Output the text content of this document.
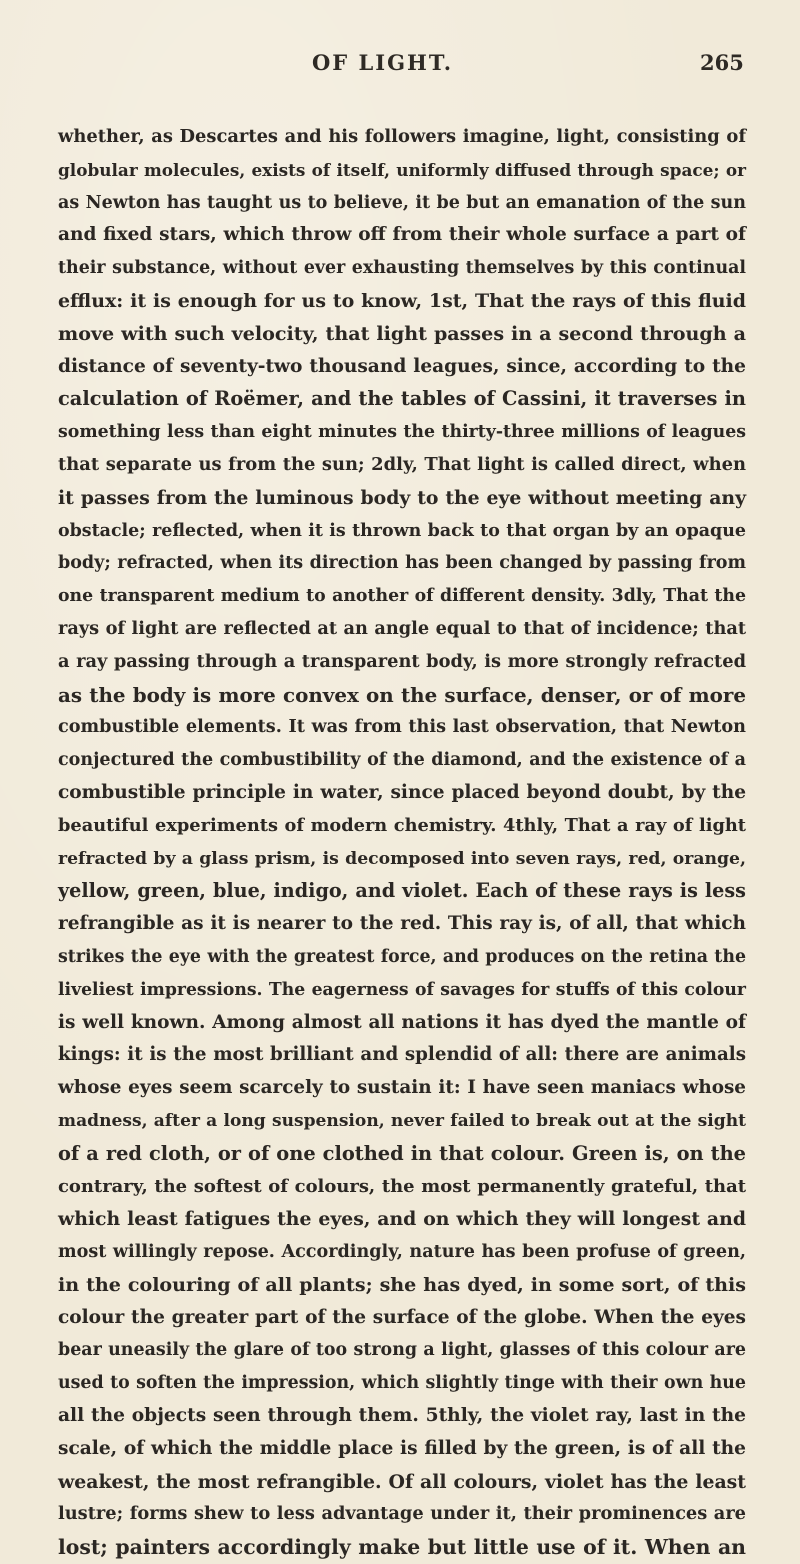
OF LIGHT.	265
whether, as Descartes and his followers imagine, light, consisting of
globular molecules, exists of itself, uniformly diffused through space; or
as Newton has taught us to believe, it be but an emanation of the sun
and fixed stars, which throw off from their whole surface a part of
their substance, without ever exhausting themselves by this continual
efflux: it is enough for us to know, 1st, That the rays of this fluid
move with such velocity, that light passes in a second through a
distance of seventy-two thousand leagues, since, according to the
calculation of Roëmer, and the tables of Cassini, it traverses in
something less than eight minutes the thirty-three millions of leagues
that separate us from the sun; 2dly, That light is called direct, when
it passes from the luminous body to the eye without meeting any
obstacle; reflected, when it is thrown back to that organ by an opaque
body; refracted, when its direction has been changed by passing from
one transparent medium to another of different density. 3dly, That the
rays of light are reflected at an angle equal to that of incidence; that
a ray passing through a transparent body, is more strongly refracted
as the body is more convex on the surface, denser, or of more
combustible elements. It was from this last observation, that Newton
conjectured the combustibility of the diamond, and the existence of a
combustible principle in water, since placed beyond doubt, by the
beautiful experiments of modern chemistry. 4thly, That a ray of light
refracted by a glass prism, is decomposed into seven rays, red, orange,
yellow, green, blue, indigo, and violet. Each of these rays is less
refrangible as it is nearer to the red. This ray is, of all, that which
strikes the eye with the greatest force, and produces on the retina the
liveliest impressions. The eagerness of savages for stuffs of this colour
is well known. Among almost all nations it has dyed the mantle of
kings: it is the most brilliant and splendid of all: there are animals
whose eyes seem scarcely to sustain it: I have seen maniacs whose
madness, after a long suspension, never failed to break out at the sight
of a red cloth, or of one clothed in that colour. Green is, on the
contrary, the softest of colours, the most permanently grateful, that
which least fatigues the eyes, and on which they will longest and
most willingly repose. Accordingly, nature has been profuse of green,
in the colouring of all plants; she has dyed, in some sort, of this
colour the greater part of the surface of the globe. When the eyes
bear uneasily the glare of too strong a light, glasses of this colour are
used to soften the impression, which slightly tinge with their own hue
all the objects seen through them. 5thly, the violet ray, last in the
scale, of which the middle place is filled by the green, is of all the
weakest, the most refrangible. Of all colours, violet has the least
lustre; forms shew to less advantage under it, their prominences are
lost; painters accordingly make but little use of it. When an
